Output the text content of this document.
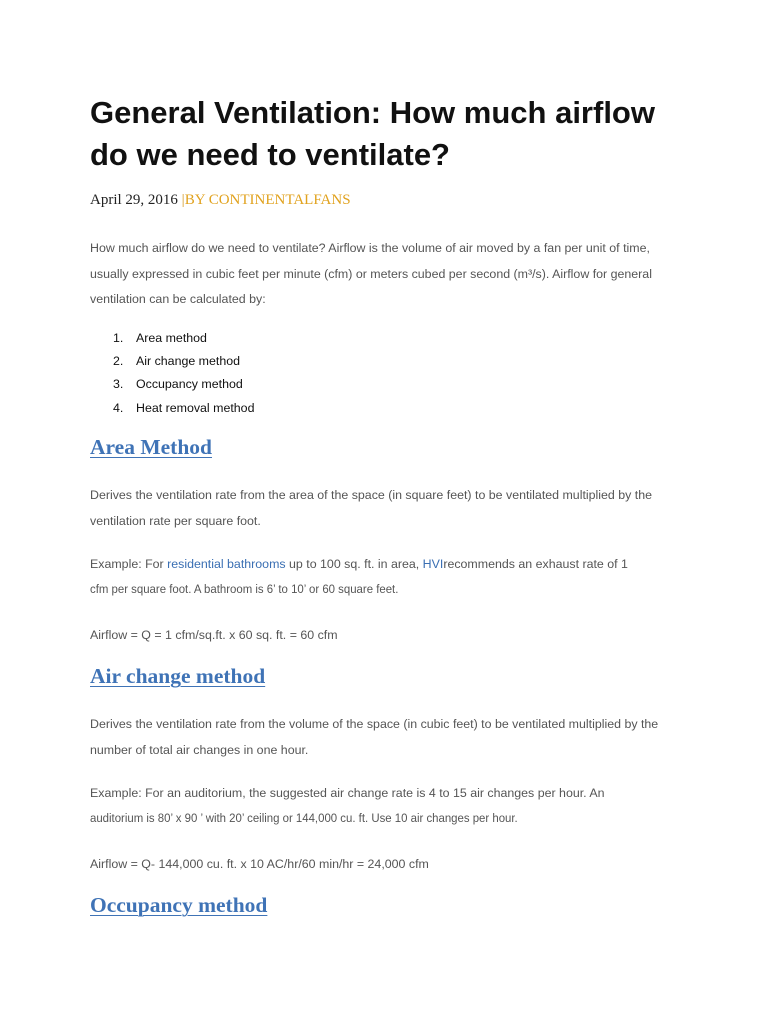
General Ventilation: How much airflow do we need to ventilate?

April 29, 2016 |BY CONTINENTALFANS

How much airflow do we need to ventilate? Airflow is the volume of air moved by a fan per unit of time, usually expressed in cubic feet per minute (cfm) or meters cubed per second (m³/s). Airflow for general ventilation can be calculated by:

1. Area method
2. Air change method
3. Occupancy method
4. Heat removal method
Area Method

Derives the ventilation rate from the area of the space (in square feet) to be ventilated multiplied by the ventilation rate per square foot.

Example: For residential bathrooms up to 100 sq. ft. in area, HVIrecommends an exhaust rate of 1
cfm per square foot. A bathroom is 6’ to 10’ or 60 square feet.

Airflow = Q = 1 cfm/sq.ft. x 60 sq. ft. = 60 cfm

Air change method

Derives the ventilation rate from the volume of the space (in cubic feet) to be ventilated multiplied by the number of total air changes in one hour.

Example: For an auditorium, the suggested air change rate is 4 to 15 air changes per hour. An
auditorium is 80’ x 90 ’ with 20’ ceiling or 144,000 cu. ft. Use 10 air changes per hour.

Airflow = Q- 144,000 cu. ft. x 10 AC/hr/60 min/hr = 24,000 cfm

Occupancy method
